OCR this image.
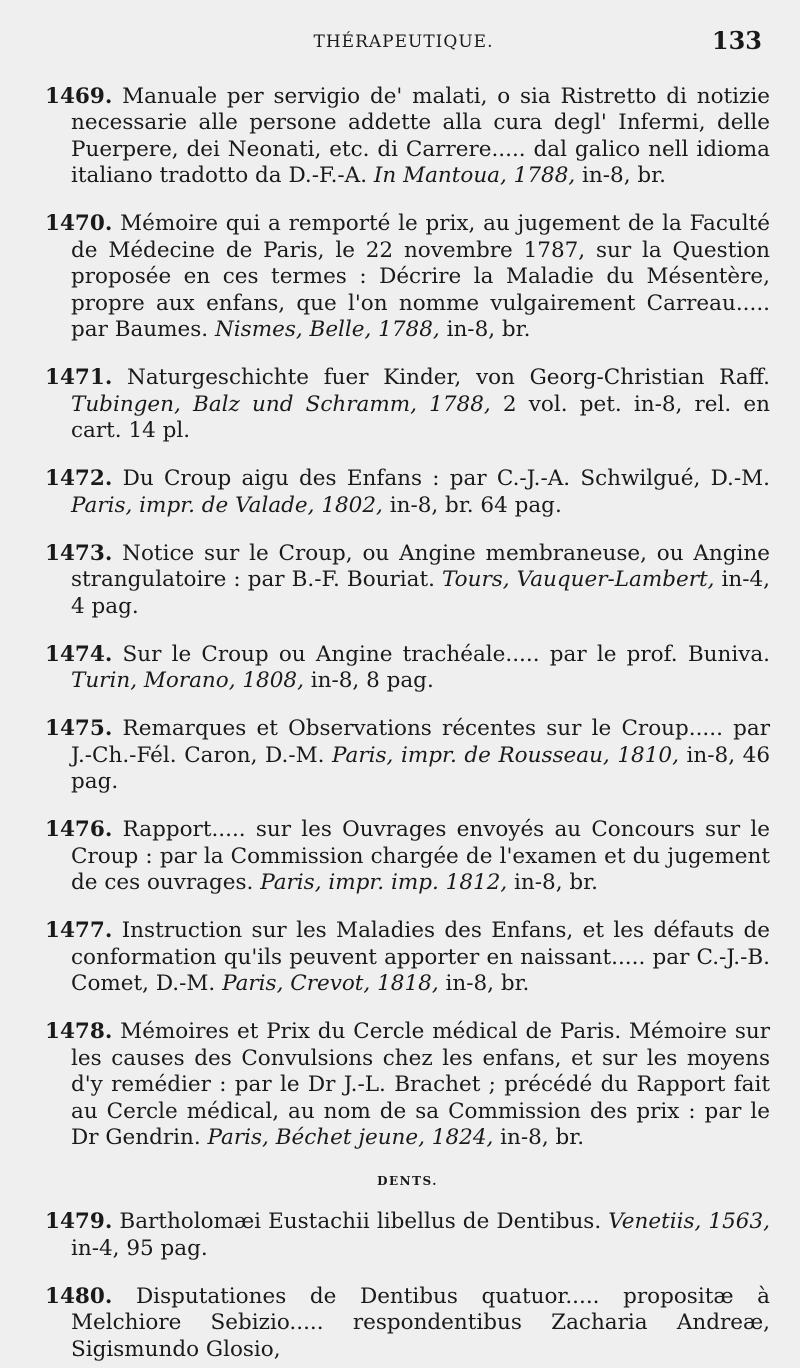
THÉRAPEUTIQUE.	133

1469. Manuale per servigio de' malati, o sia Ristretto di notizie necessarie alle persone addette alla cura degl' Infermi, delle Puerpere, dei Neonati, etc. di Carrere..... dal galico nell idioma italiano tradotto da D.-F.-A. In Mantoua, 1788, in-8, br.

1470. Mémoire qui a remporté le prix, au jugement de la Faculté de Médecine de Paris, le 22 novembre 1787, sur la Question proposée en ces termes : Décrire la Maladie du Mésentère, propre aux enfans, que l'on nomme vulgairement Carreau..... par Baumes. Nismes, Belle, 1788, in-8, br.

1471. Naturgeschichte fuer Kinder, von Georg-Christian Raff. Tubingen, Balz und Schramm, 1788, 2 vol. pet. in-8, rel. en cart. 14 pl.

1472. Du Croup aigu des Enfans : par C.-J.-A. Schwilgué, D.-M. Paris, impr. de Valade, 1802, in-8, br. 64 pag.

1473. Notice sur le Croup, ou Angine membraneuse, ou Angine strangulatoire : par B.-F. Bouriat. Tours, Vauquer-Lambert, in-4, 4 pag.

1474. Sur le Croup ou Angine trachéale..... par le prof. Buniva. Turin, Morano, 1808, in-8, 8 pag.

1475. Remarques et Observations récentes sur le Croup..... par J.-Ch.-Fél. Caron, D.-M. Paris, impr. de Rousseau, 1810, in-8, 46 pag.

1476. Rapport..... sur les Ouvrages envoyés au Concours sur le Croup : par la Commission chargée de l'examen et du jugement de ces ouvrages. Paris, impr. imp. 1812, in-8, br.

1477. Instruction sur les Maladies des Enfans, et les défauts de conformation qu'ils peuvent apporter en naissant..... par C.-J.-B. Comet, D.-M. Paris, Crevot, 1818, in-8, br.

1478. Mémoires et Prix du Cercle médical de Paris. Mémoire sur les causes des Convulsions chez les enfans, et sur les moyens d'y remédier : par le Dr J.-L. Brachet ; précédé du Rapport fait au Cercle médical, au nom de sa Commission des prix : par le Dr Gendrin. Paris, Béchet jeune, 1824, in-8, br.

DENTS.

1479. Bartholomæi Eustachii libellus de Dentibus. Venetiis, 1563, in-4, 95 pag.

1480. Disputationes de Dentibus quatuor..... propositæ à Melchiore Sebizio..... respondentibus Zacharia Andreæ, Sigismundo Glosio,
